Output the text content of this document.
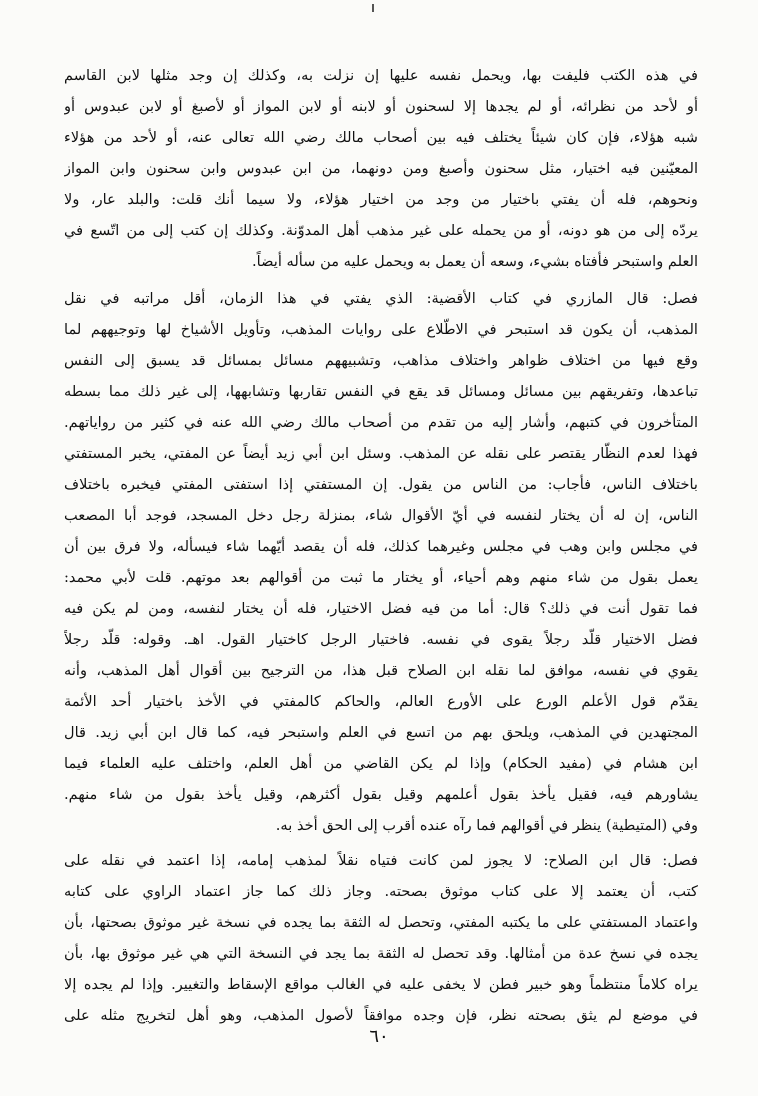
في هذه الكتب فليفت بها، ويحمل نفسه عليها إن نزلت به، وكذلك إن وجد مثلها لابن القاسم
أو لأحد من نظرائه، أو لم يجدها إلا لسحنون أو لابنه أو لابن المواز أو لأصبغ أو لابن عبدوس أو
شبه هؤلاء، فإن كان شيئاً يختلف فيه بين أصحاب مالك رضي الله تعالى عنه، أو لأحد من هؤلاء
المعيّنين فيه اختيار، مثل سحنون وأصبغ ومن دونهما، من ابن عبدوس وابن سحنون وابن المواز
ونحوهم، فله أن يفتي باختيار من وجد من اختيار هؤلاء، ولا سيما أنك قلت: والبلد عار، ولا
يردّه إلى من هو دونه، أو من يحمله على غير مذهب أهل المدوّنة. وكذلك إن كتب إلى من اتّسع في
العلم واستبحر فأفتاه بشيء، وسعه أن يعمل به ويحمل عليه من سأله أيضاً.
فصل: قال المازري في كتاب الأقضية: الذي يفتي في هذا الزمان، أقل مراتبه في نقل
المذهب، أن يكون قد استبحر في الاطّلاع على روايات المذهب، وتأويل الأشياخ لها وتوجيههم لما
وقع فيها من اختلاف ظواهر واختلاف مذاهب، وتشبيههم مسائل بمسائل قد يسبق إلى النفس
تباعدها، وتفريقهم بين مسائل ومسائل قد يقع في النفس تقاربها وتشابهها، إلى غير ذلك مما بسطه
المتأخرون في كتبهم، وأشار إليه من تقدم من أصحاب مالك رضي الله عنه في كثير من رواياتهم.
فهذا لعدم النظّار يقتصر على نقله عن المذهب. وسئل ابن أبي زيد أيضاً عن المفتي، يخبر المستفتي
باختلاف الناس، فأجاب: من الناس من يقول. إن المستفتي إذا استفتى المفتي فيخبره باختلاف
الناس، إن له أن يختار لنفسه في أيّ الأقوال شاء، بمنزلة رجل دخل المسجد، فوجد أبا المصعب
في مجلس وابن وهب في مجلس وغيرهما كذلك، فله أن يقصد أيّهما شاء فيسأله، ولا فرق بين أن
يعمل بقول من شاء منهم وهم أحياء، أو يختار ما ثبت من أقوالهم بعد موتهم. قلت لأبي محمد:
فما تقول أنت في ذلك؟ قال: أما من فيه فضل الاختيار، فله أن يختار لنفسه، ومن لم يكن فيه
فضل الاختيار قلّد رجلاً يقوى في نفسه. فاختيار الرجل كاختيار القول. اهـ. وقوله: قلّد رجلاً
يقوي في نفسه، موافق لما نقله ابن الصلاح قبل هذا، من الترجيح بين أقوال أهل المذهب، وأنه
يقدّم قول الأعلم الورع على الأورع العالم، والحاكم كالمفتي في الأخذ باختيار أحد الأئمة
المجتهدين في المذهب، ويلحق بهم من اتسع في العلم واستبحر فيه، كما قال ابن أبي زيد. قال
ابن هشام في (مفيد الحكام) وإذا لم يكن القاضي من أهل العلم، واختلف عليه العلماء فيما
يشاورهم فيه، فقيل يأخذ بقول أعلمهم وقيل بقول أكثرهم، وقيل يأخذ بقول من شاء منهم.
وفي (المتيطية) ينظر في أقوالهم فما رآه عنده أقرب إلى الحق أخذ به.
فصل: قال ابن الصلاح: لا يجوز لمن كانت فتياه نقلاً لمذهب إمامه، إذا اعتمد في نقله على
كتب، أن يعتمد إلا على كتاب موثوق بصحته. وجاز ذلك كما جاز اعتماد الراوي على كتابه
واعتماد المستفتي على ما يكتبه المفتي، وتحصل له الثقة بما يجده في نسخة غير موثوق بصحتها، بأن
يجده في نسخ عدة من أمثالها. وقد تحصل له الثقة بما يجد في النسخة التي هي غير موثوق بها، بأن
يراه كلاماً منتظماً وهو خبير فطن لا يخفى عليه في الغالب مواقع الإسقاط والتغيير. وإذا لم يجده إلا
في موضع لم يثق بصحته نظر، فإن وجده موافقاً لأصول المذهب، وهو أهل لتخريج مثله على
٦٠
